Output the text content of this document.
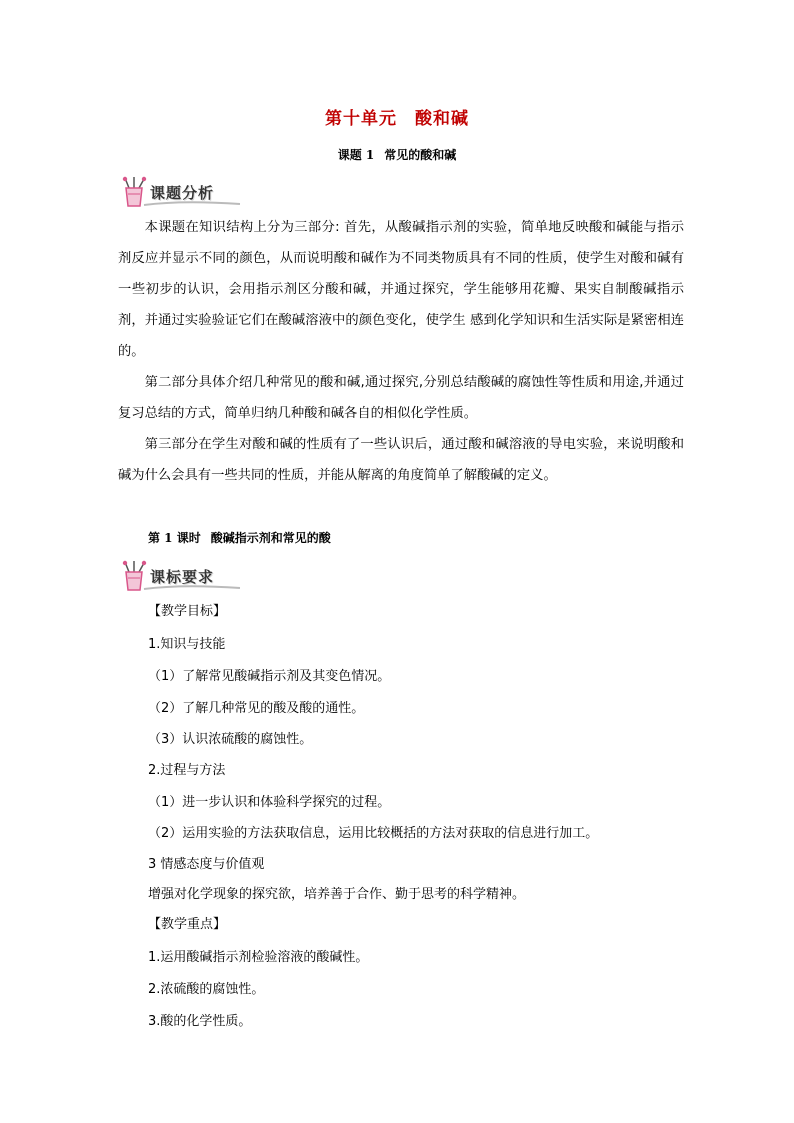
第十单元 酸和碱
课题 1 常见的酸和碱
课题分析
本课题在知识结构上分为三部分: 首先，从酸碱指示剂的实验，简单地反映酸和碱能与指示剂反应并显示不同的颜色，从而说明酸和碱作为不同类物质具有不同的性质，使学生对酸和碱有一些初步的认识，会用指示剂区分酸和碱，并通过探究，学生能够用花瓣、果实自制酸碱指示剂，并通过实验验证它们在酸碱溶液中的颜色变化，使学生 感到化学知识和生活实际是紧密相连的。
第二部分具体介绍几种常见的酸和碱,通过探究,分别总结酸碱的腐蚀性等性质和用途,并通过复习总结的方式，简单归纳几种酸和碱各自的相似化学性质。
第三部分在学生对酸和碱的性质有了一些认识后，通过酸和碱溶液的导电实验，来说明酸和碱为什么会具有一些共同的性质，并能从解离的角度简单了解酸碱的定义。
第 1 课时 酸碱指示剂和常见的酸
课标要求
【教学目标】
1.知识与技能
（1）了解常见酸碱指示剂及其变色情况。
（2）了解几种常见的酸及酸的通性。
（3）认识浓硫酸的腐蚀性。
2.过程与方法
（1）进一步认识和体验科学探究的过程。
（2）运用实验的方法获取信息，运用比较概括的方法对获取的信息进行加工。
3 情感态度与价值观
增强对化学现象的探究欲，培养善于合作、勤于思考的科学精神。
【教学重点】
1.运用酸碱指示剂检验溶液的酸碱性。
2.浓硫酸的腐蚀性。
3.酸的化学性质。
